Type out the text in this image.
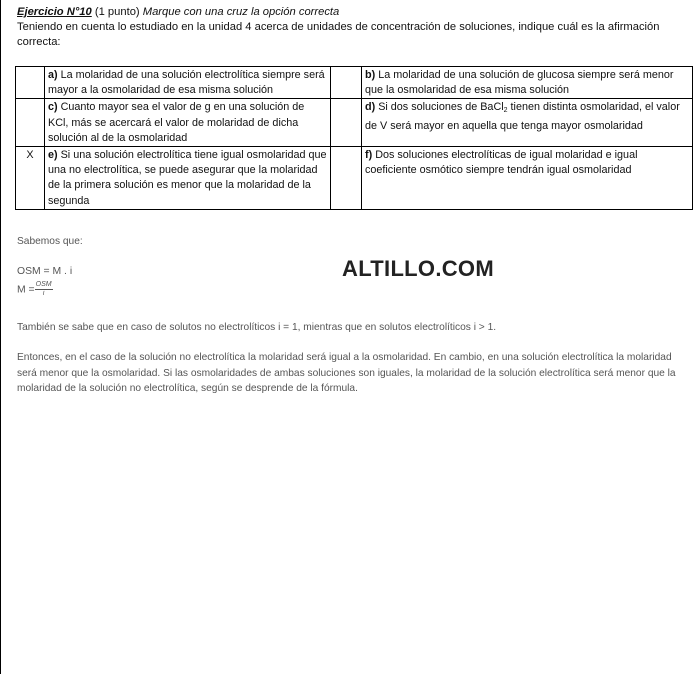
Ejercicio N°10 (1 punto) Marque con una cruz la opción correcta
Teniendo en cuenta lo estudiado en la unidad 4 acerca de unidades de concentración de soluciones, indique cuál es la afirmación correcta:
	a) La molaridad de una solución electrolítica siempre será mayor a la osmolaridad de esa misma solución		b) La molaridad de una solución de glucosa siempre será menor que la osmolaridad de esa misma solución
	c) Cuanto mayor sea el valor de g en una solución de KCl, más se acercará el valor de molaridad de dicha solución al de la osmolaridad		d) Si dos soluciones de BaCl$_2$ tienen distinta osmolaridad, el valor de V será mayor en aquella que tenga mayor osmolaridad
X	e) Si una solución electrolítica tiene igual osmolaridad que una no electrolítica, se puede asegurar que la molaridad de la primera solución es menor que la molaridad de la segunda		f) Dos soluciones electrolíticas de igual molaridad e igual coeficiente osmótico siempre tendrán igual osmolaridad
Sabemos que:
OSM = M . i
$M = \frac{\text{OSM}}{i}$
ALTILLO.COM
También se sabe que en caso de solutos no electrolíticos i = 1, mientras que en solutos electrolíticos i > 1.
Entonces, en el caso de la solución no electrolítica la molaridad será igual a la osmolaridad. En cambio, en una solución electrolítica la molaridad será menor que la osmolaridad. Si las osmolaridades de ambas soluciones son iguales, la molaridad de la solución electrolítica será menor que la molaridad de la solución no electrolítica, según se desprende de la fórmula.
